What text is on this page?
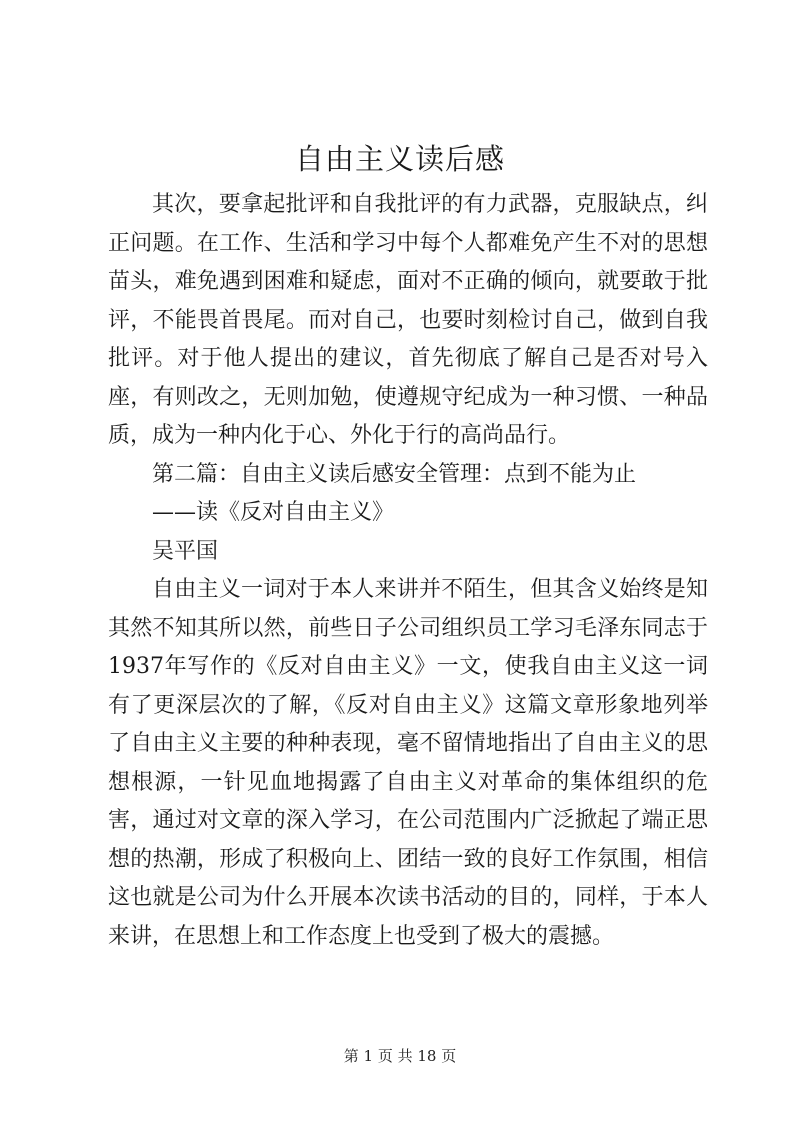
自由主义读后感

其次，要拿起批评和自我批评的有力武器，克服缺点，纠正问题。在工作、生活和学习中每个人都难免产生不对的思想苗头，难免遇到困难和疑虑，面对不正确的倾向，就要敢于批评，不能畏首畏尾。而对自己，也要时刻检讨自己，做到自我批评。对于他人提出的建议，首先彻底了解自己是否对号入座，有则改之，无则加勉，使遵规守纪成为一种习惯、一种品质，成为一种内化于心、外化于行的高尚品行。

第二篇：自由主义读后感安全管理：点到不能为止

——读《反对自由主义》

吴平国

自由主义一词对于本人来讲并不陌生，但其含义始终是知其然不知其所以然，前些日子公司组织员工学习毛泽东同志于1937年写作的《反对自由主义》一文，使我自由主义这一词有了更深层次的了解，《反对自由主义》这篇文章形象地列举了自由主义主要的种种表现，毫不留情地指出了自由主义的思想根源，一针见血地揭露了自由主义对革命的集体组织的危害，通过对文章的深入学习，在公司范围内广泛掀起了端正思想的热潮，形成了积极向上、团结一致的良好工作氛围，相信这也就是公司为什么开展本次读书活动的目的，同样，于本人来讲，在思想上和工作态度上也受到了极大的震撼。

第 1 页 共 18 页
